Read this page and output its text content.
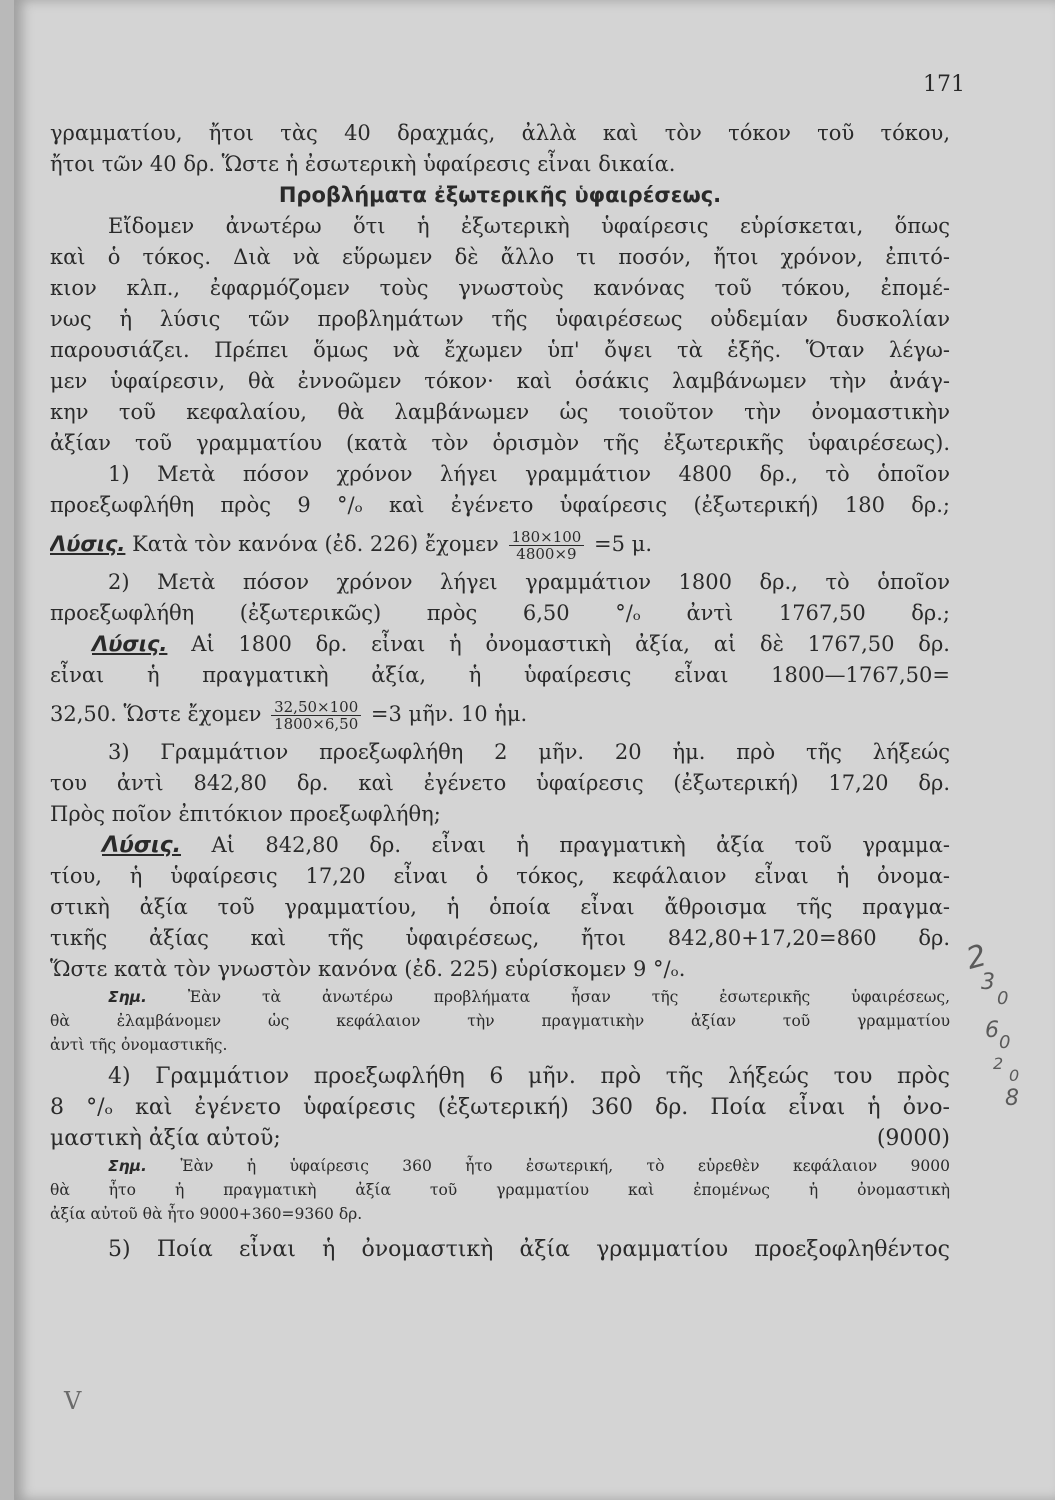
171
γραμματίου, ἤτοι τὰς 40 δραχμάς, ἀλλὰ καὶ τὸν τόκον τοῦ τόκου,
ἤτοι τῶν 40 δρ. Ὥστε ἡ ἐσωτερικὴ ὑφαίρεσις εἶναι δικαία.
Προβλήματα ἐξωτερικῆς ὑφαιρέσεως.
Εἴδομεν ἀνωτέρω ὅτι ἡ ἐξωτερικὴ ὑφαίρεσις εὑρίσκεται, ὅπως
καὶ ὁ τόκος. Διὰ νὰ εὕρωμεν δὲ ἄλλο τι ποσόν, ἤτοι χρόνον, ἐπιτό-
κιον κλπ., ἐφαρμόζομεν τοὺς γνωστοὺς κανόνας τοῦ τόκου, ἐπομέ-
νως ἡ λύσις τῶν προβλημάτων τῆς ὑφαιρέσεως οὐδεμίαν δυσκολίαν
παρουσιάζει. Πρέπει ὅμως νὰ ἔχωμεν ὑπ' ὄψει τὰ ἑξῆς. Ὅταν λέγω-
μεν ὑφαίρεσιν, θὰ ἐννοῶμεν τόκον· καὶ ὁσάκις λαμβάνωμεν τὴν ἀνάγ-
κην τοῦ κεφαλαίου, θὰ λαμβάνωμεν ὡς τοιοῦτον τὴν ὀνομαστικὴν
ἀξίαν τοῦ γραμματίου (κατὰ τὸν ὁρισμὸν τῆς ἐξωτερικῆς ὑφαιρέσεως).
1) Μετὰ πόσον χρόνον λήγει γραμμάτιον 4800 δρ., τὸ ὁποῖον
προεξωφλήθη πρὸς 9 °/ₒ καὶ ἐγένετο ὑφαίρεσις (ἐξωτερική) 180 δρ.;
Λύσις. Κατὰ τὸν κανόνα (ἐδ. 226) ἔχομεν $\frac{180\times 100}{4800\times 9} =5$ μ.
2) Μετὰ πόσον χρόνον λήγει γραμμάτιον 1800 δρ., τὸ ὁποῖον
προεξωφλήθη (ἐξωτερικῶς) πρὸς 6,50 °/ₒ ἀντὶ 1767,50 δρ.;
Λύσις. Αἱ 1800 δρ. εἶναι ἡ ὀνομαστικὴ ἀξία, αἱ δὲ 1767,50 δρ.
εἶναι ἡ πραγματικὴ ἀξία, ἡ ὑφαίρεσις εἶναι 1800—1767,50=
32,50. Ὥστε ἔχομεν $\frac{32,50\times 100}{1800\times 6,50} =3$ μῆν. 10 ἡμ.
3) Γραμμάτιον προεξωφλήθη 2 μῆν. 20 ἡμ. πρὸ τῆς λήξεώς
του ἀντὶ 842,80 δρ. καὶ ἐγένετο ὑφαίρεσις (ἐξωτερική) 17,20 δρ.
Πρὸς ποῖον ἐπιτόκιον προεξωφλήθη;
Λύσις. Αἱ 842,80 δρ. εἶναι ἡ πραγματικὴ ἀξία τοῦ γραμμα-
τίου, ἡ ὑφαίρεσις 17,20 εἶναι ὁ τόκος, κεφάλαιον εἶναι ἡ ὀνομα-
στικὴ ἀξία τοῦ γραμματίου, ἡ ὁποία εἶναι ἄθροισμα τῆς πραγμα-
τικῆς ἀξίας καὶ τῆς ὑφαιρέσεως, ἤτοι 842,80+17,20=860 δρ.
Ὥστε κατὰ τὸν γνωστὸν κανόνα (ἐδ. 225) εὑρίσκομεν 9 °/ₒ.
Σημ.	Ἐὰν τὰ ἀνωτέρω προβλήματα ἦσαν τῆς ἐσωτερικῆς ὑφαιρέσεως,
θὰ ἐλαμβάνομεν ὡς κεφάλαιον τὴν πραγματικὴν ἀξίαν τοῦ γραμματίου
ἀντὶ τῆς ὀνομαστικῆς.
4) Γραμμάτιον προεξωφλήθη 6 μῆν. πρὸ τῆς λήξεώς του πρὸς
8 °/ₒ καὶ ἐγένετο ὑφαίρεσις (ἐξωτερική) 360 δρ. Ποία εἶναι ἡ ὀνο-
μαστικὴ ἀξία αὐτοῦ;	(9000)
Σημ. Ἐὰν ἡ ὑφαίρεσις 360 ἦτο ἐσωτερική, τὸ εὑρεθὲν κεφάλαιον 9000
θὰ ἦτο ἡ πραγματικὴ ἀξία τοῦ γραμματίου καὶ ἐπομένως ἡ ὀνομαστικὴ
ἀξία αὐτοῦ θὰ ἦτο 9000+360=9360 δρ.
5) Ποία εἶναι ἡ ὀνομαστικὴ ἀξία γραμματίου προεξοφληθέντος
2
3
0
6 0
2
0
8
V
